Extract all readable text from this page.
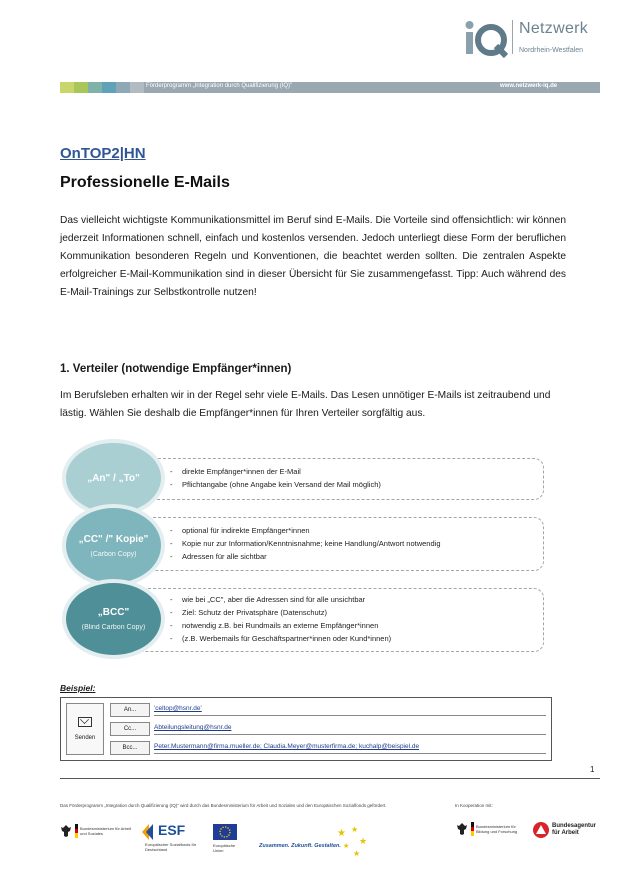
Netzwerk
Nordrhein-Westfalen
Förderprogramm „Integration durch Qualifizierung (IQ)"	www.netzwerk-iq.de
OnTOP2|HN
Professionelle E-Mails
Das vielleicht wichtigste Kommunikationsmittel im Beruf sind E-Mails. Die Vorteile sind offensichtlich: wir können jederzeit Informationen schnell, einfach und kostenlos versenden. Jedoch unterliegt diese Form der beruflichen Kommunikation besonderen Regeln und Konventionen, die beachtet werden sollten. Die zentralen Aspekte erfolgreicher E-Mail-Kommunikation sind in dieser Übersicht für Sie zusammengefasst. Tipp: Auch während des E-Mail-Trainings zur Selbstkontrolle nutzen!
1. Verteiler (notwendige Empfänger*innen)
Im Berufsleben erhalten wir in der Regel sehr viele E-Mails. Das Lesen unnötiger E-Mails ist zeitraubend und lästig. Wählen Sie deshalb die Empfänger*innen für Ihren Verteiler sorgfältig aus.
- direkte Empfänger*innen der E-Mail
- Pflichtangabe (ohne Angabe kein Versand der Mail möglich)
„An" / „To"
- optional für indirekte Empfänger*innen
- Kopie nur zur Information/Kenntnisnahme; keine Handlung/Antwort notwendig
- Adressen für alle sichtbar
„CC" /" Kopie"
(Carbon Copy)
- wie bei „CC", aber die Adressen sind für alle unsichtbar
- Ziel: Schutz der Privatsphäre (Datenschutz)
- notwendig z.B. bei Rundmails an externe Empfänger*innen
- (z.B. Werbemails für Geschäftspartner*innen oder Kund*innen)
„BCC"
(Blind Carbon Copy)
Beispiel:
Senden
An...	'celtop@hsnr.de'
Cc...	Abteilungsleitung@hsnr.de
Bcc...	Peter.Mustermann@firma.mueller.de; Claudia.Meyer@musterfirma.de; kuchalp@beispiel.de
1
Das Förderprogramm „Integration durch Qualifizierung (IQ)" wird durch das Bundesministerium für Arbeit und Soziales und den Europäischen Sozialfonds gefördert.	In Kooperation mit:
Bundesministerium für Arbeit und Soziales	ESF
Europäischer Sozialfonds für Deutschland
Europäische Union
Zusammen. Zukunft. Gestalten.
★ ★
★
★
★
Bundesministerium für Bildung und Forschung
Bundesagentur für Arbeit
